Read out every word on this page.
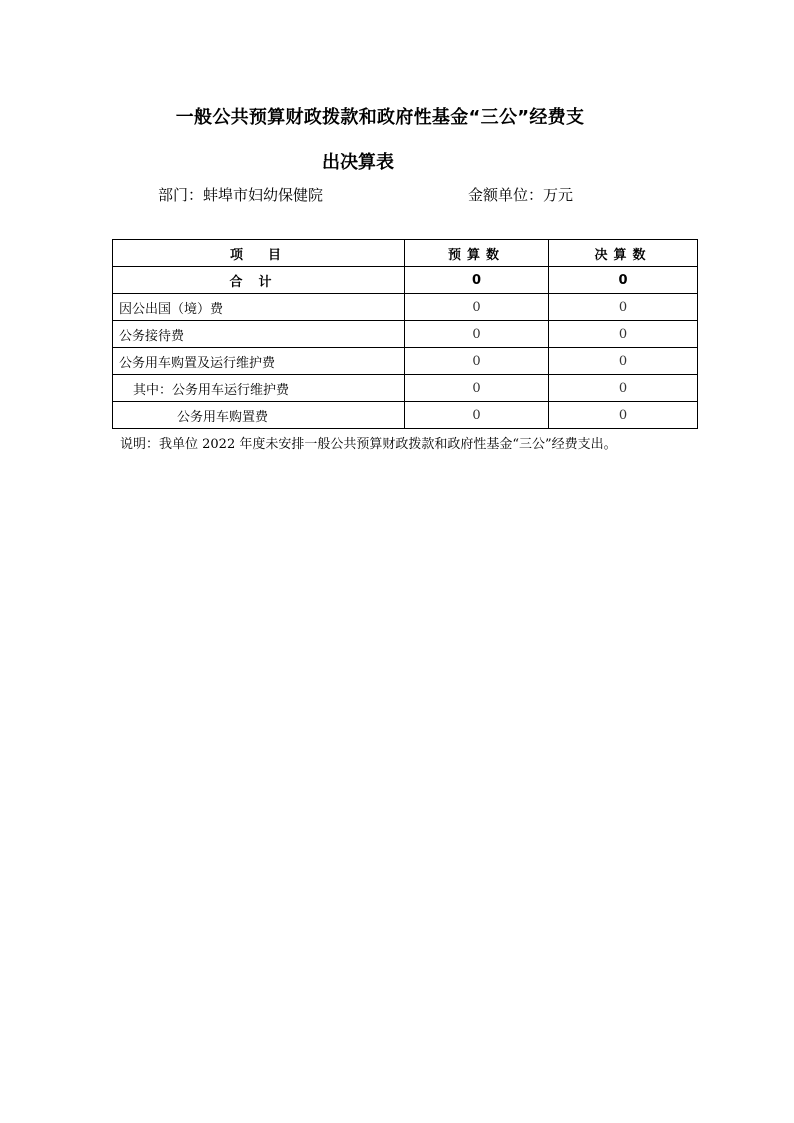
一般公共预算财政拨款和政府性基金“三公”经费支
出决算表
部门：蚌埠市妇幼保健院	金额单位：万元
项　目	预算数	决算数
合计	0	0
因公出国（境）费	0	0
公务接待费	0	0
公务用车购置及运行维护费	0	0
其中：公务用车运行维护费	0	0
公务用车购置费	0	0
说明：我单位 2022 年度未安排一般公共预算财政拨款和政府性基金“三公”经费支出。
